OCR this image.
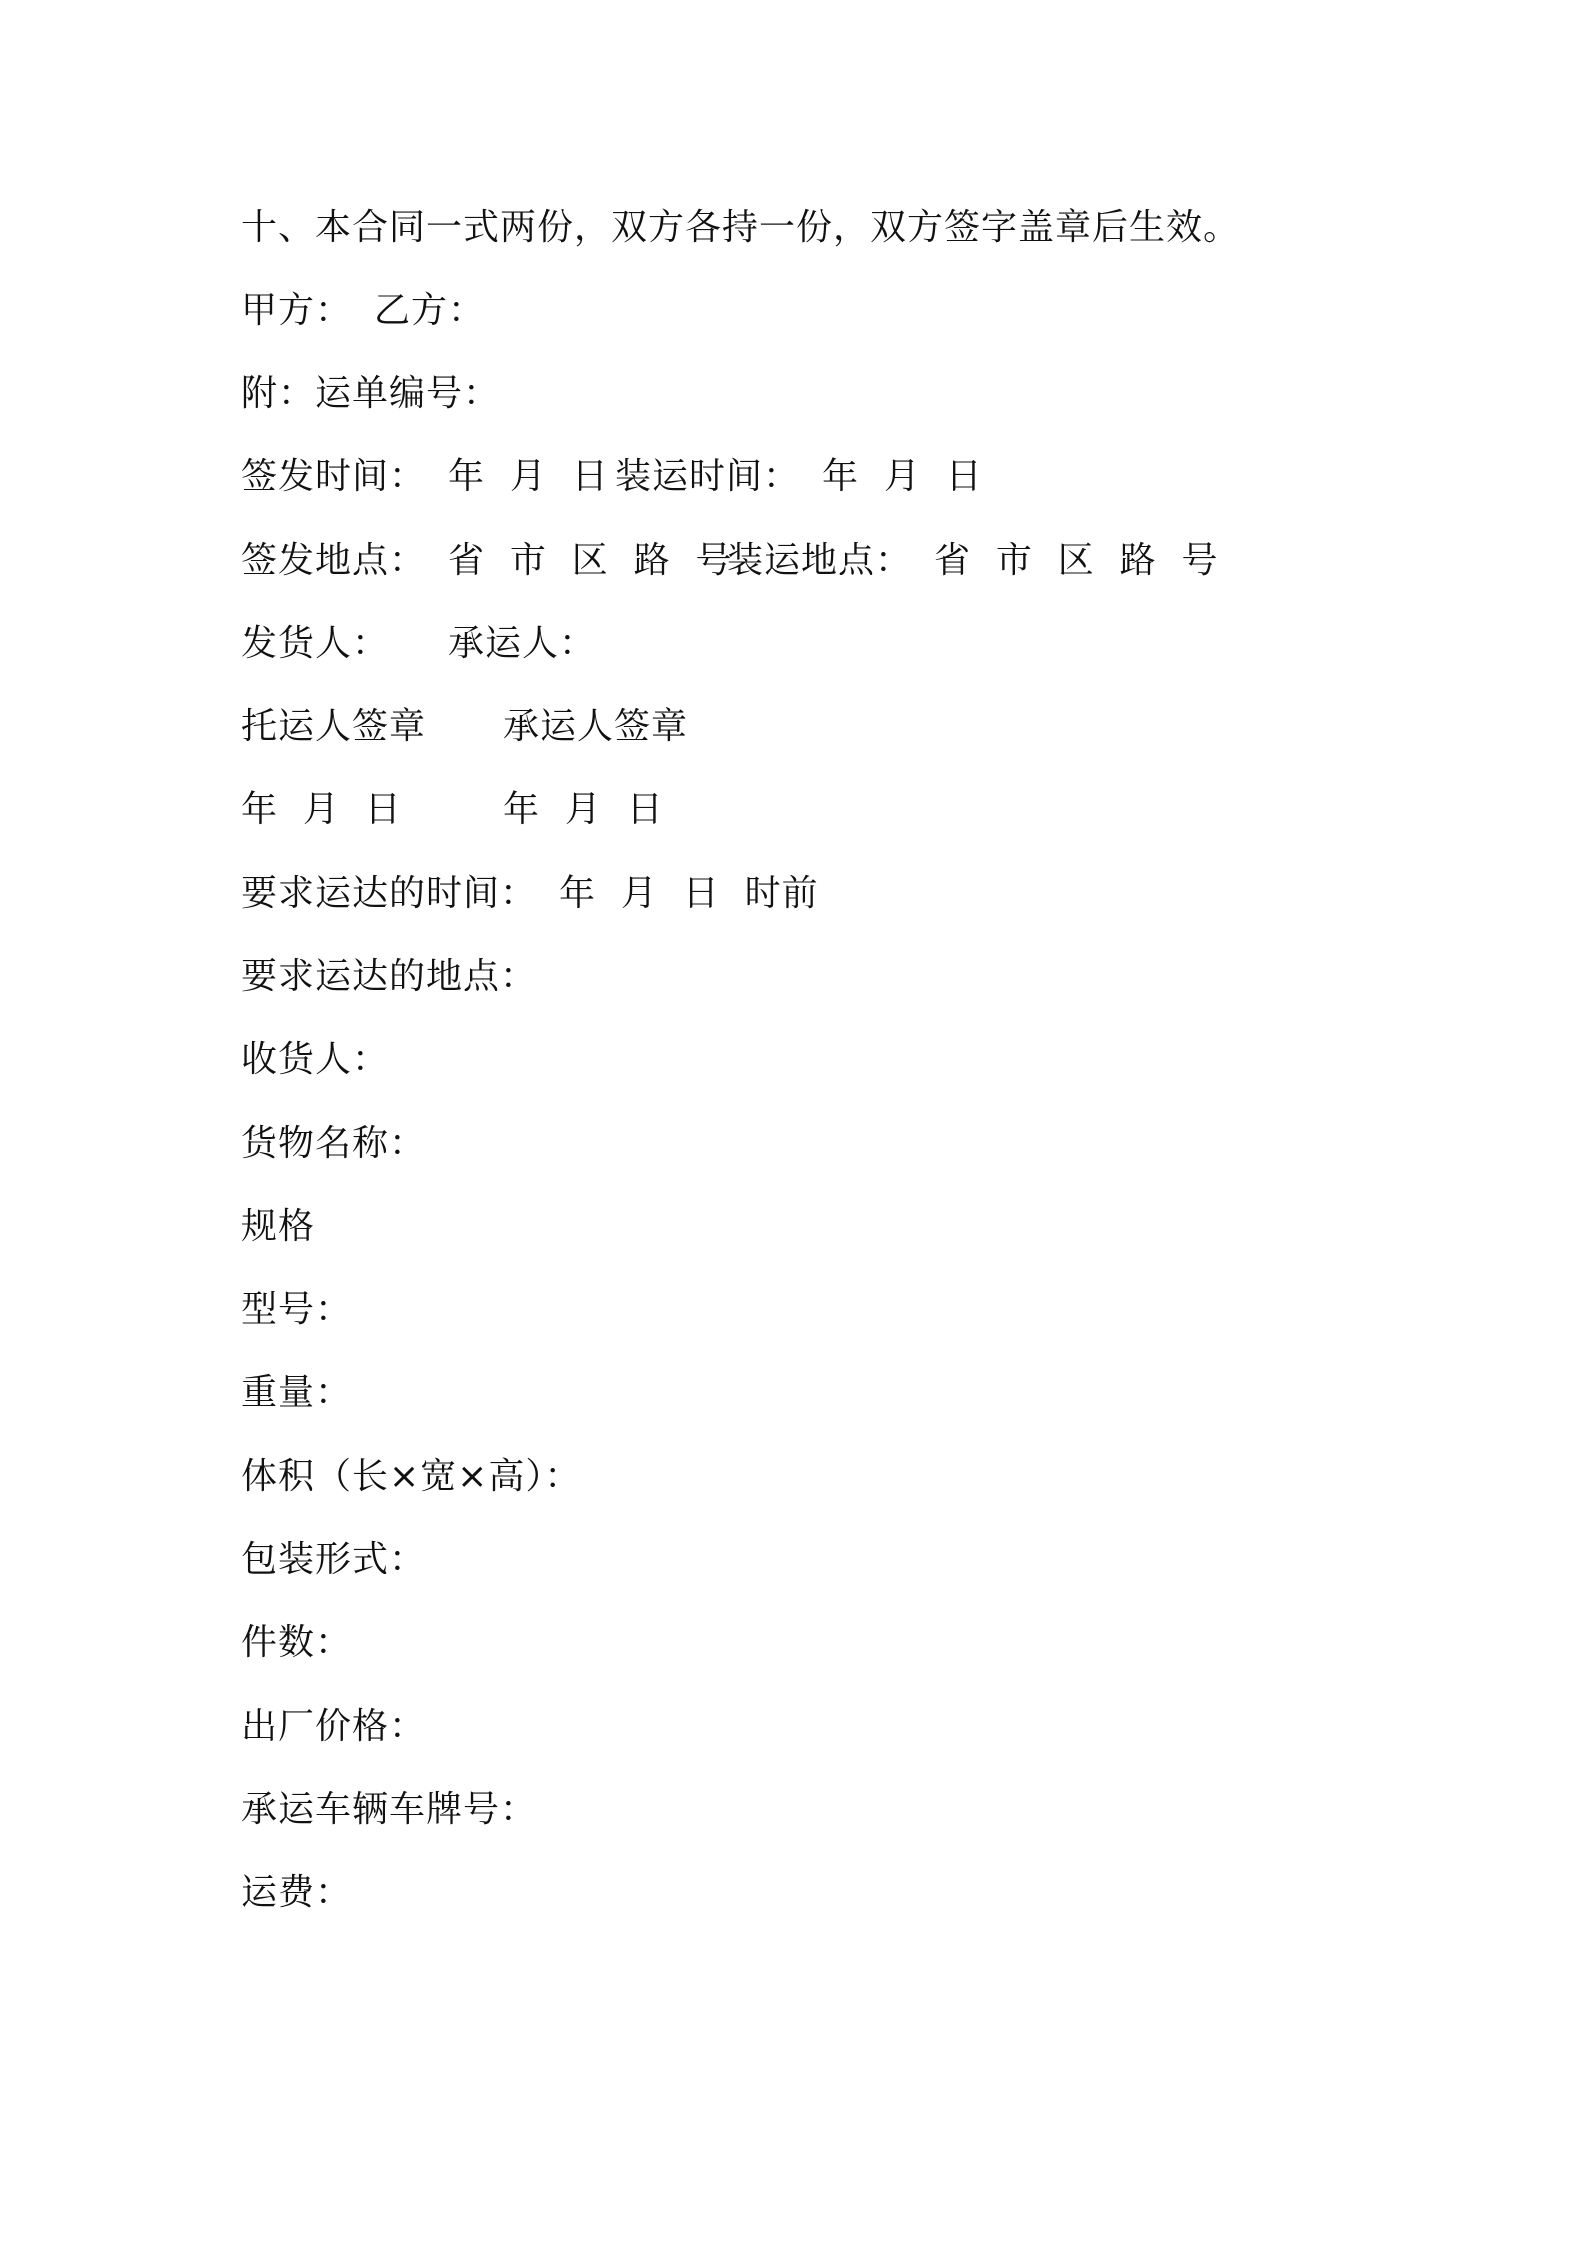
十、本合同一式两份，双方各持一份，双方签字盖章后生效。

甲方：

乙方：

附：运单编号：

签发时间：

年  月  日

装运时间：

年  月  日

签发地点：

省  市  区  路  号

装运地点：

省  市  区  路  号

发货人：

承运人：

托运人签章

承运人签章

年  月  日

	年  月  日

要求运达的时间：

年  月  日  时前

要求运达的地点：

收货人：

货物名称：

规格

型号：

重量：

体积（长×宽×高）：

包装形式：

件数：

出厂价格：

承运车辆车牌号：

运费：
